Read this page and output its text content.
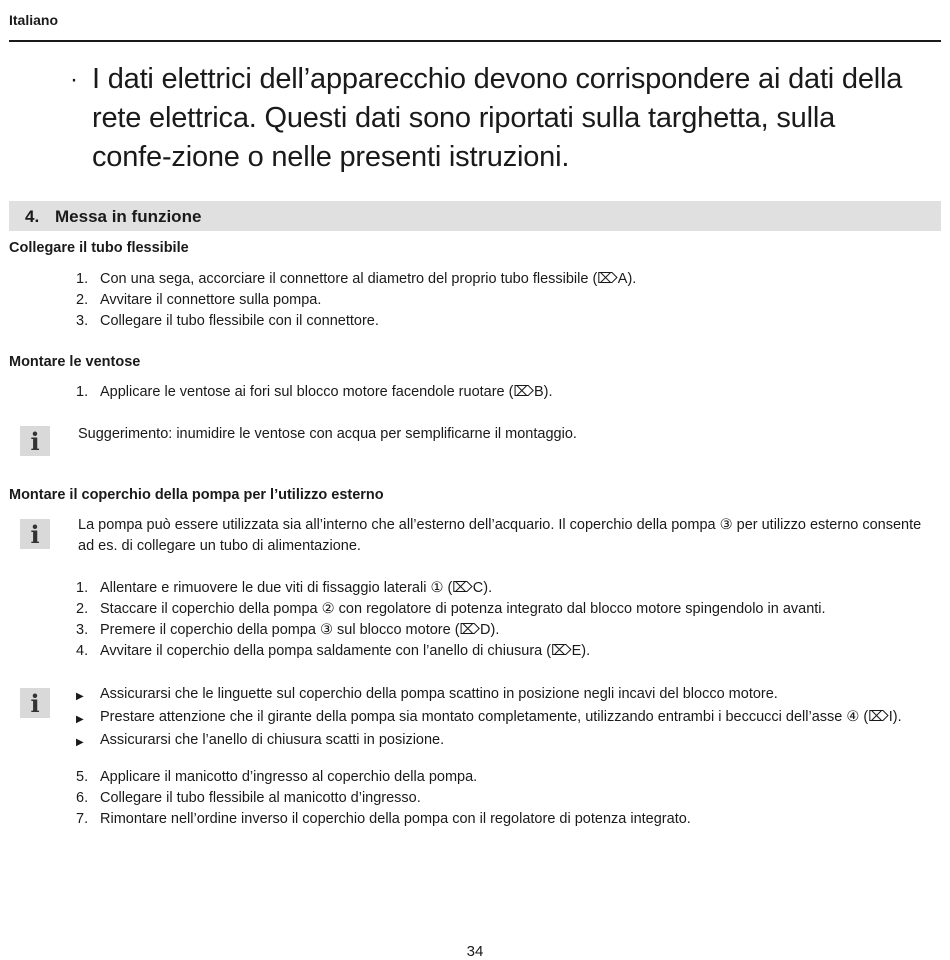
Italiano
· I dati elettrici dell’apparecchio devono corrispondere ai dati della rete elettrica. Questi dati sono riportati sulla targhetta, sulla confe-zione o nelle presenti istruzioni.
4. Messa in funzione
Collegare il tubo flessibile
1. Con una sega, accorciare il connettore al diametro del proprio tubo flessibile (⌦A).
2. Avvitare il connettore sulla pompa.
3. Collegare il tubo flessibile con il connettore.
Montare le ventose
1. Applicare le ventose ai fori sul blocco motore facendole ruotare (⌦B).
i	Suggerimento: inumidire le ventose con acqua per semplificarne il montaggio.
Montare il coperchio della pompa per l’utilizzo esterno
i	La pompa può essere utilizzata sia all’interno che all’esterno dell’acquario. Il coperchio della pompa ③ per utilizzo esterno consente ad es. di collegare un tubo di alimentazione.
1. Allentare e rimuovere le due viti di fissaggio laterali ① (⌦C).
2. Staccare il coperchio della pompa ② con regolatore di potenza integrato dal blocco motore spingendolo in avanti.
3. Premere il coperchio della pompa ③ sul blocco motore (⌦D).
4. Avvitare il coperchio della pompa saldamente con l’anello di chiusura (⌦E).
i	▶	Assicurarsi che le linguette sul coperchio della pompa scattino in posizione negli incavi del blocco motore.
▶	Prestare attenzione che il girante della pompa sia montato completamente, utilizzando entrambi i beccucci dell’asse ④ (⌦I).
▶	Assicurarsi che l’anello di chiusura scatti in posizione.
5. Applicare il manicotto d’ingresso al coperchio della pompa.
6. Collegare il tubo flessibile al manicotto d’ingresso.
7. Rimontare nell’ordine inverso il coperchio della pompa con il regolatore di potenza integrato.
34
